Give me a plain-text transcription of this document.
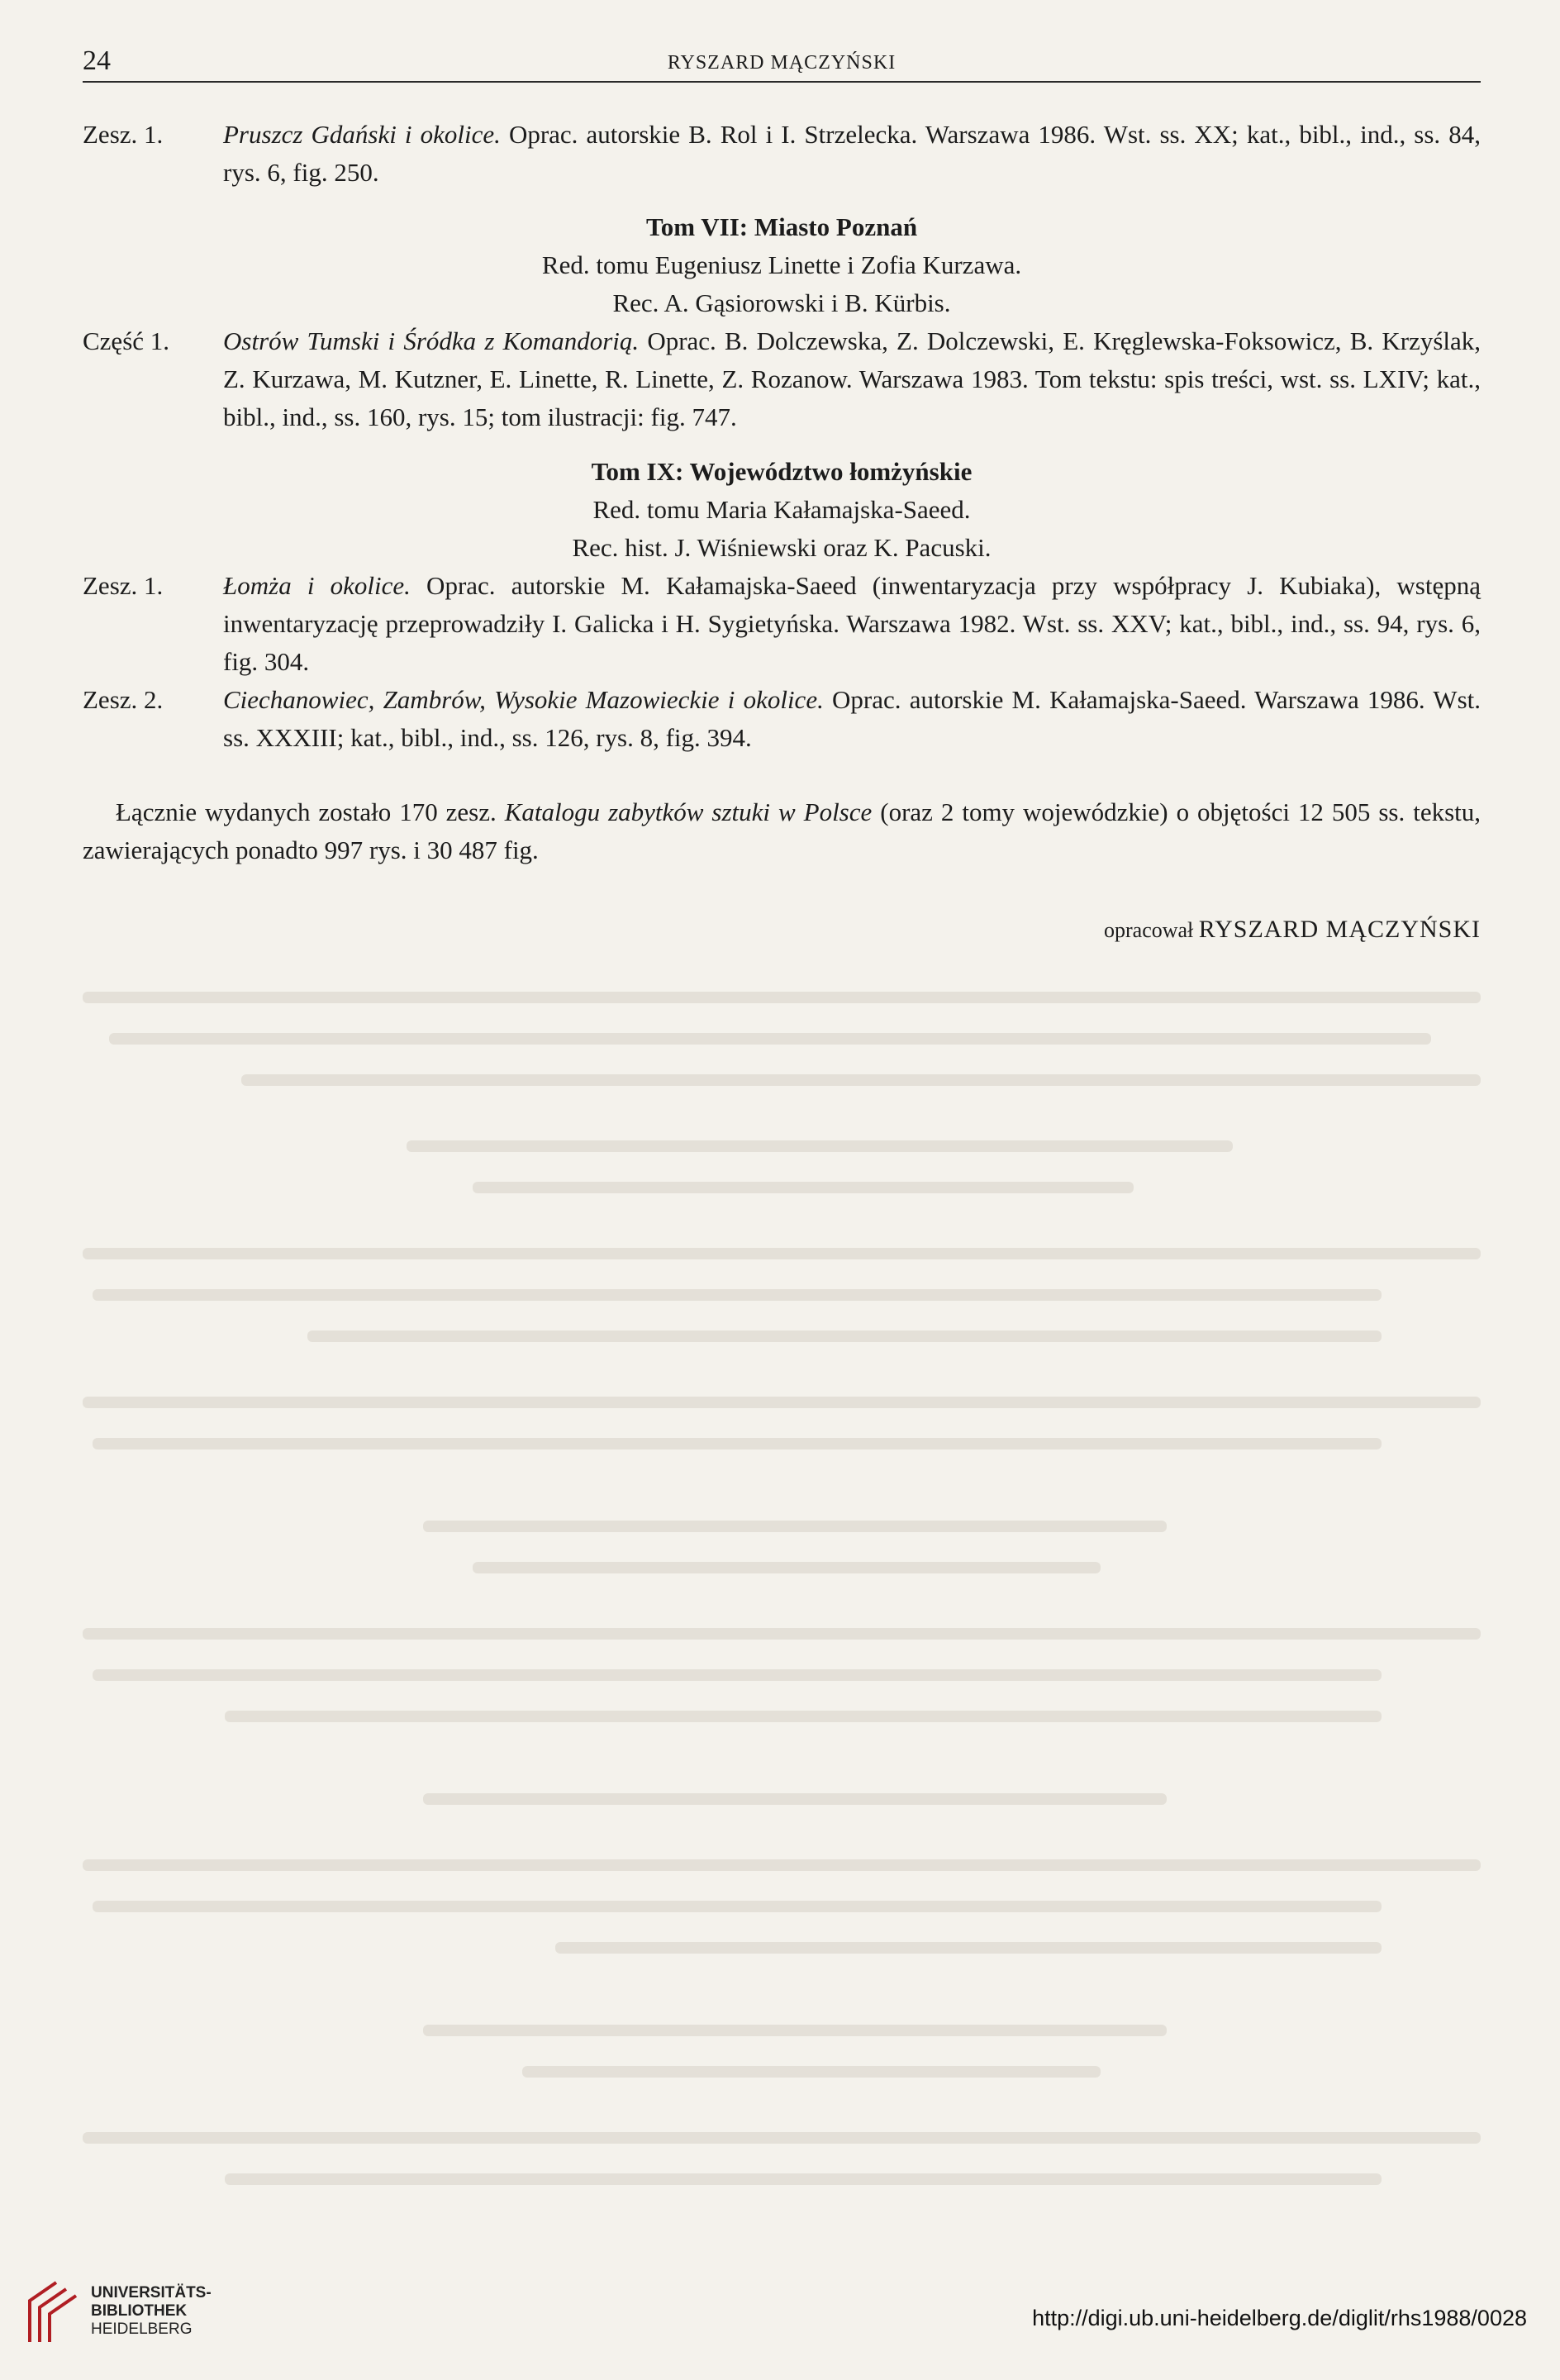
24	RYSZARD MĄCZYŃSKI
Zesz. 1.	Pruszcz Gdański i okolice. Oprac. autorskie B. Rol i I. Strzelecka. Warszawa 1986. Wst. ss. XX; kat., bibl., ind., ss. 84, rys. 6, fig. 250.
Tom VII: Miasto Poznań
Red. tomu Eugeniusz Linette i Zofia Kurzawa.
Rec. A. Gąsiorowski i B. Kürbis.
Część 1.	Ostrów Tumski i Śródka z Komandorią. Oprac. B. Dolczewska, Z. Dolczewski, E. Kręglewska-Foksowicz, B. Krzyślak, Z. Kurzawa, M. Kutzner, E. Linette, R. Linette, Z. Rozanow. Warszawa 1983. Tom tekstu: spis treści, wst. ss. LXIV; kat., bibl., ind., ss. 160, rys. 15; tom ilustracji: fig. 747.
Tom IX: Województwo łomżyńskie
Red. tomu Maria Kałamajska-Saeed.
Rec. hist. J. Wiśniewski oraz K. Pacuski.
Zesz. 1.	Łomża i okolice. Oprac. autorskie M. Kałamajska-Saeed (inwentaryzacja przy współpracy J. Kubiaka), wstępną inwentaryzację przeprowadziły I. Galicka i H. Sygietyńska. Warszawa 1982. Wst. ss. XXV; kat., bibl., ind., ss. 94, rys. 6, fig. 304.
Zesz. 2.	Ciechanowiec, Zambrów, Wysokie Mazowieckie i okolice. Oprac. autorskie M. Kałamajska-Saeed. Warszawa 1986. Wst. ss. XXXIII; kat., bibl., ind., ss. 126, rys. 8, fig. 394.
Łącznie wydanych zostało 170 zesz. Katalogu zabytków sztuki w Polsce (oraz 2 tomy wojewódzkie) o objętości 12 505 ss. tekstu, zawierających ponadto 997 rys. i 30 487 fig.
opracował RYSZARD MĄCZYŃSKI
UNIVERSITÄTS-
BIBLIOTHEK
HEIDELBERG	http://digi.ub.uni-heidelberg.de/diglit/rhs1988/0028
